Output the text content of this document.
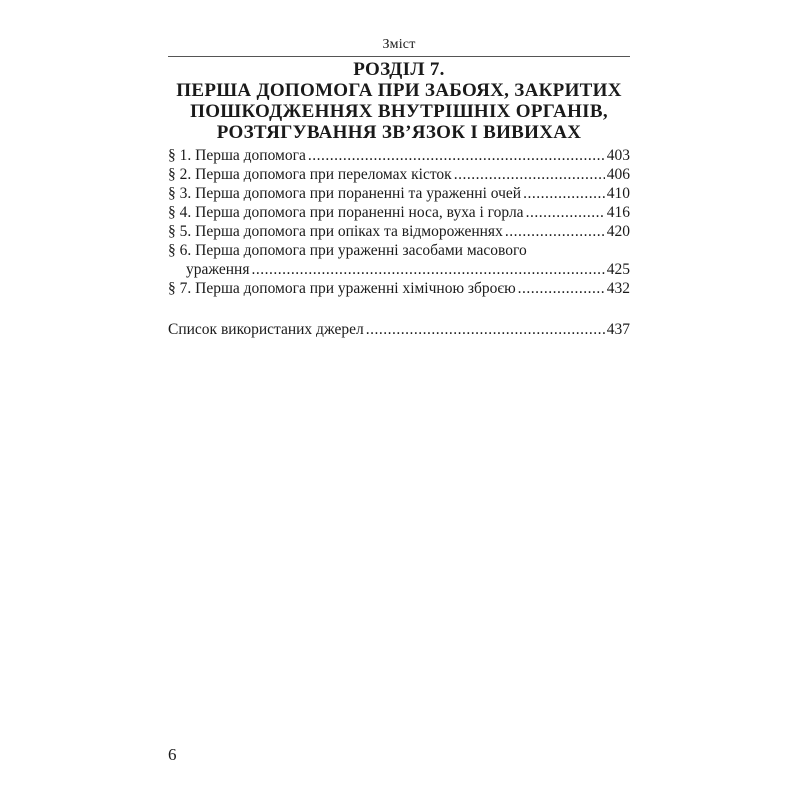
Зміст
РОЗДІЛ 7.
ПЕРША ДОПОМОГА ПРИ ЗАБОЯХ, ЗАКРИТИХ
ПОШКОДЖЕННЯХ ВНУТРІШНІХ ОРГАНІВ,
РОЗТЯГУВАННЯ ЗВ’ЯЗОК І ВИВИХАХ
§ 1. Перша допомога .....	403
§ 2. Перша допомога при переломах кісток .....	406
§ 3. Перша допомога при пораненні та ураженні очей .....	410
§ 4. Перша допомога при пораненні носа, вуха і горла .....	416
§ 5. Перша допомога при опіках та відмороженнях .....	420
§ 6. Перша допомога при ураженні засобами масового
ураження .....	425
§ 7. Перша допомога при ураженні хімічною зброєю .....	432
Список використаних джерел .....	437
6
